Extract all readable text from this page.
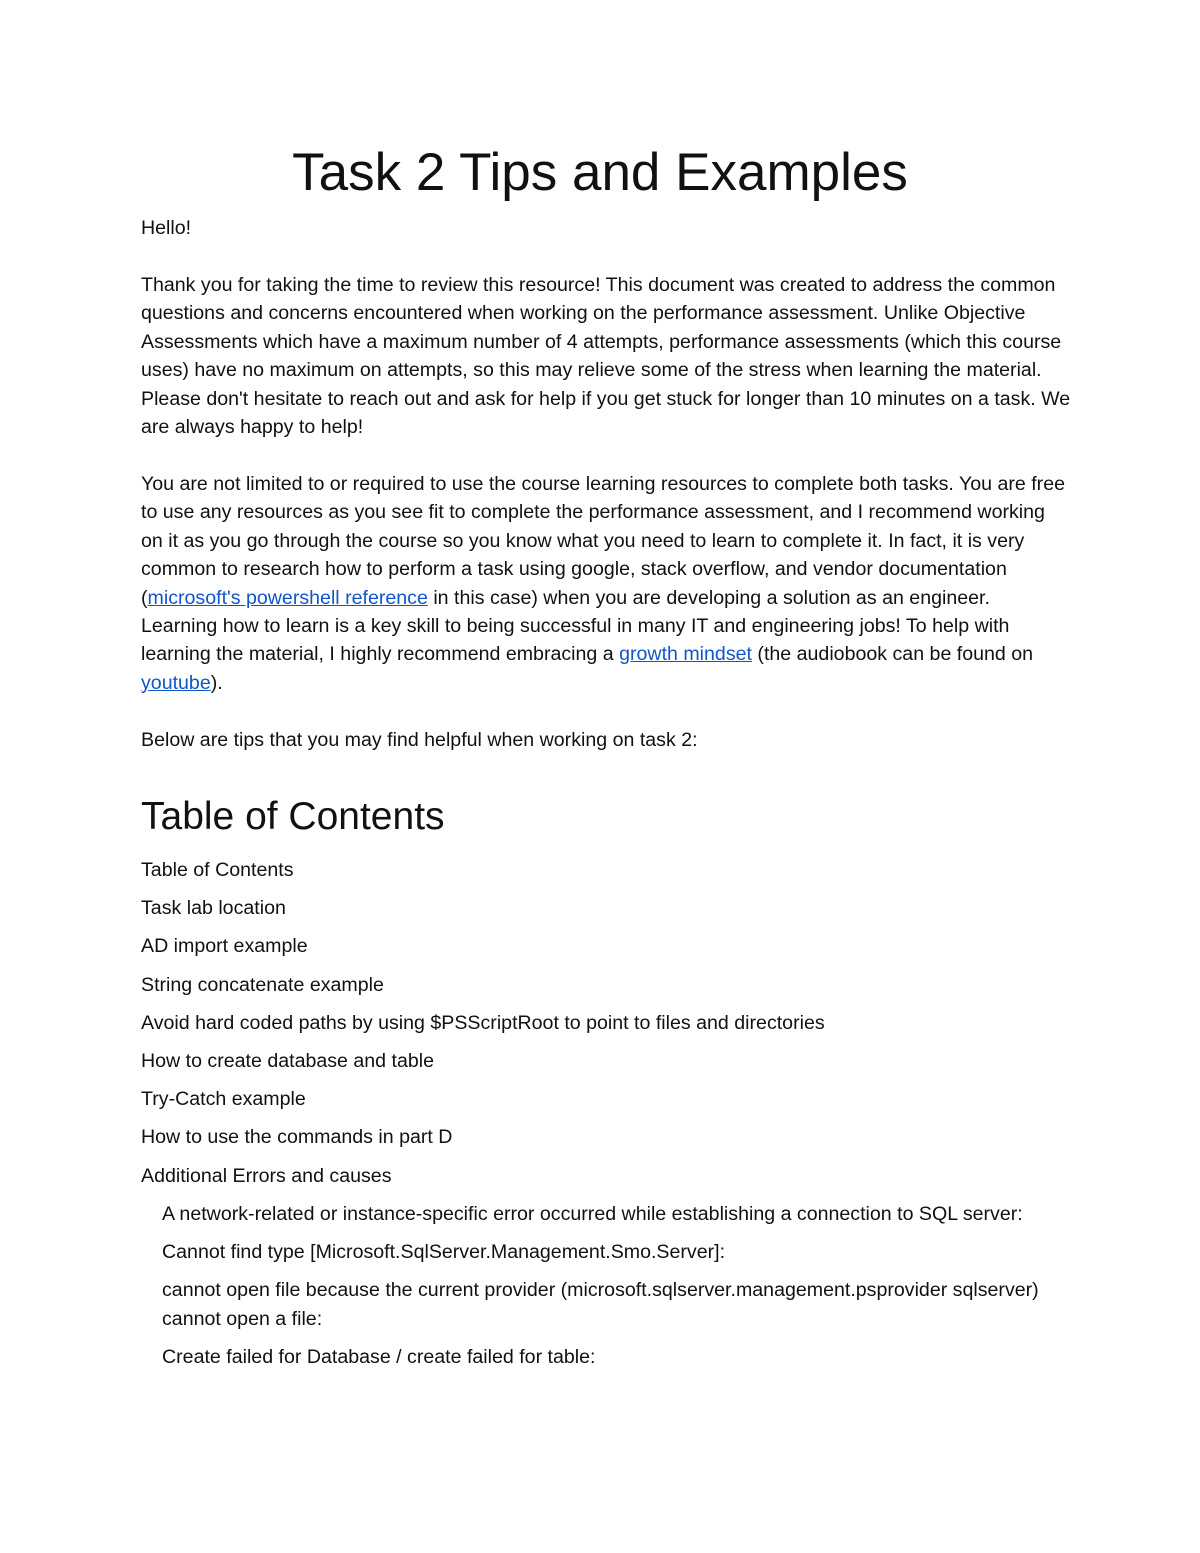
Task 2 Tips and Examples

Hello!

Thank you for taking the time to review this resource! This document was created to address the common questions and concerns encountered when working on the performance assessment. Unlike Objective Assessments which have a maximum number of 4 attempts, performance assessments (which this course uses) have no maximum on attempts, so this may relieve some of the stress when learning the material. Please don't hesitate to reach out and ask for help if you get stuck for longer than 10 minutes on a task. We are always happy to help!

You are not limited to or required to use the course learning resources to complete both tasks. You are free to use any resources as you see fit to complete the performance assessment, and I recommend working on it as you go through the course so you know what you need to learn to complete it. In fact, it is very common to research how to perform a task using google, stack overflow, and vendor documentation (microsoft's powershell reference in this case) when you are developing a solution as an engineer. Learning how to learn is a key skill to being successful in many IT and engineering jobs! To help with learning the material, I highly recommend embracing a growth mindset (the audiobook can be found on youtube).

Below are tips that you may find helpful when working on task 2:

Table of Contents
Table of Contents
Task lab location
AD import example
String concatenate example
Avoid hard coded paths by using $PSScriptRoot to point to files and directories
How to create database and table
Try-Catch example
How to use the commands in part D
Additional Errors and causes
A network-related or instance-specific error occurred while establishing a connection to SQL server:
Cannot find type [Microsoft.SqlServer.Management.Smo.Server]:
cannot open file because the current provider (microsoft.sqlserver.management.psprovider sqlserver) cannot open a file:
Create failed for Database / create failed for table:
